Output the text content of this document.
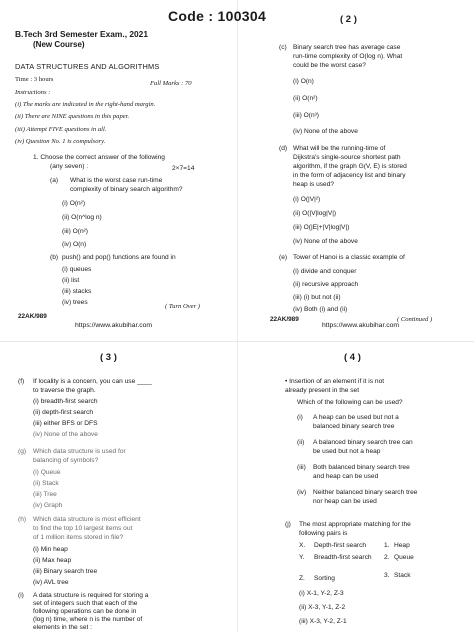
Code : 100304
B.Tech 3rd Semester Exam., 2021
(New Course)
DATA STRUCTURES AND ALGORITHMS
Time : 3 hours
Full Marks : 70
Instructions :
(i) The marks are indicated in the right-hand margin.
(ii) There are NINE questions in this paper.
(iii) Attempt FIVE questions in all.
(iv) Question No. 1 is compulsory.
1. Choose the correct answer of the following
(any seven) :	2×7=14
(a) What is the worst case run-time
complexity of binary search algorithm?
(i) O(n²)
(ii) O(n^log n)
(iii) O(n²)
(iv) O(n)
(b) push() and pop() functions are found in
(i) queues
(ii) list
(iii) stacks
(iv) trees
( Turn Over )
22AK/989
https://www.akubihar.com
( 2 )
(c) Binary search tree has average case
run-time complexity of O(log n). What
could be the worst case?
(i) O(n)
(ii) O(n²)
(iii) O(n³)
(iv) None of the above
(d) What will be the running-time of
Dijkstra's single-source shortest path
algorithm, if the graph G(V, E) is stored
in the form of adjacency list and binary
heap is used?
(i) O(|V|²)
(ii) O(|V|log|V|)
(iii) O(|E|+|V|log|V|)
(iv) None of the above
(e) Tower of Hanoi is a classic example of
(i) divide and conquer
(ii) recursive approach
(iii) (i) but not (ii)
(iv) Both (i) and (ii)
( Continued )
22AK/989
https://www.akubihar.com
( 3 )
(f) If locality is a concern, you can use ____
to traverse the graph.
(i) breadth-first search
(ii) depth-first search
(iii) either BFS or DFS
(iv) None of the above
(g) Which data structure is used for
balancing of symbols?
(i) Queue
(ii) Stack
(iii) Tree
(iv) Graph
(h) Which data structure is most efficient
to find the top 10 largest items out
of 1 million items stored in file?
(i) Min heap
(ii) Max heap
(iii) Binary search tree
(iv) AVL tree
(i) A data structure is required for storing a
set of integers such that each of the
following operations can be done in
(log n) time, where n is the number of
elements in the set :
( 4 )
• Insertion of an element if it is not
already present in the set
Which of the following can be used?
(i) A heap can be used but not a
balanced binary search tree
(ii) A balanced binary search tree can
be used but not a heap
(iii) Both balanced binary search tree
and heap can be used
(iv) Neither balanced binary search tree
nor heap can be used
(j) The most appropriate matching for the
following pairs is
X. Depth-first search	1. Heap
Y. Breadth-first search	2. Queue
Z. Sorting	3. Stack
(i) X-1, Y-2, Z-3
(ii) X-3, Y-1, Z-2
(iii) X-3, Y-2, Z-1
